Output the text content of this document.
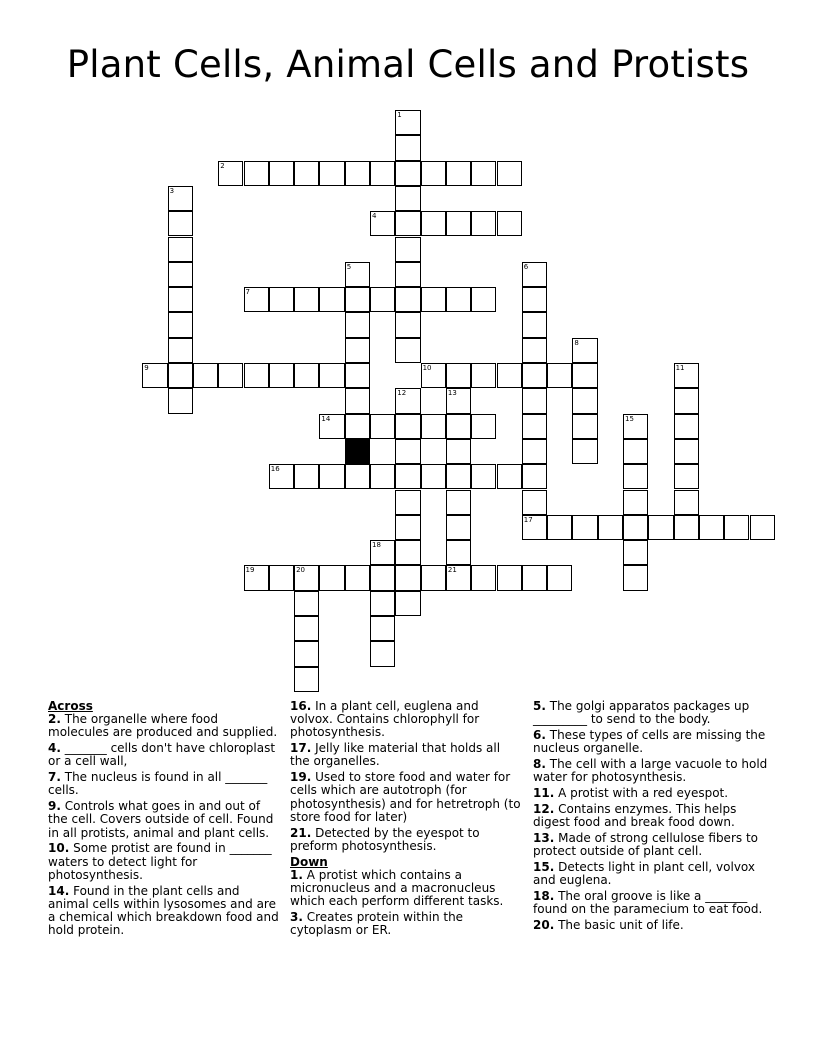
Plant Cells, Animal Cells and Protists
1
2
3
4
5	6
7
8
9	10	11
12	13
21
14	15
16
17
18
19	20
Across

2. The organelle where food molecules are produced and supplied.

4. _______ cells don't have chloroplast or a cell wall,

7. The nucleus is found in all _______ cells.

9. Controls what goes in and out of the cell. Covers outside of cell. Found in all protists, animal and plant cells.

10. Some protist are found in _______ waters to detect light for photosynthesis.

14. Found in the plant cells and animal cells within lysosomes and are a chemical which breakdown food and hold protein.

16. In a plant cell, euglena and volvox. Contains chlorophyll for photosynthesis.

17. Jelly like material that holds all the organelles.

19. Used to store food and water for cells which are autotroph (for photosynthesis) and for hetretroph (to store food for later)

21. Detected by the eyespot to preform photosynthesis.

Down

1. A protist which contains a micronucleus and a macronucleus which each perform different tasks.

3. Creates protein within the cytoplasm or ER.

5. The golgi apparatos packages up _________ to send to the body.

6. These types of cells are missing the nucleus organelle.

8. The cell with a large vacuole to hold water for photosynthesis.

11. A protist with a red eyespot.

12. Contains enzymes. This helps digest food and break food down.

13. Made of strong cellulose fibers to protect outside of plant cell.

15. Detects light in plant cell, volvox and euglena.

18. The oral groove is like a _______ found on the paramecium to eat food.

20. The basic unit of life.
